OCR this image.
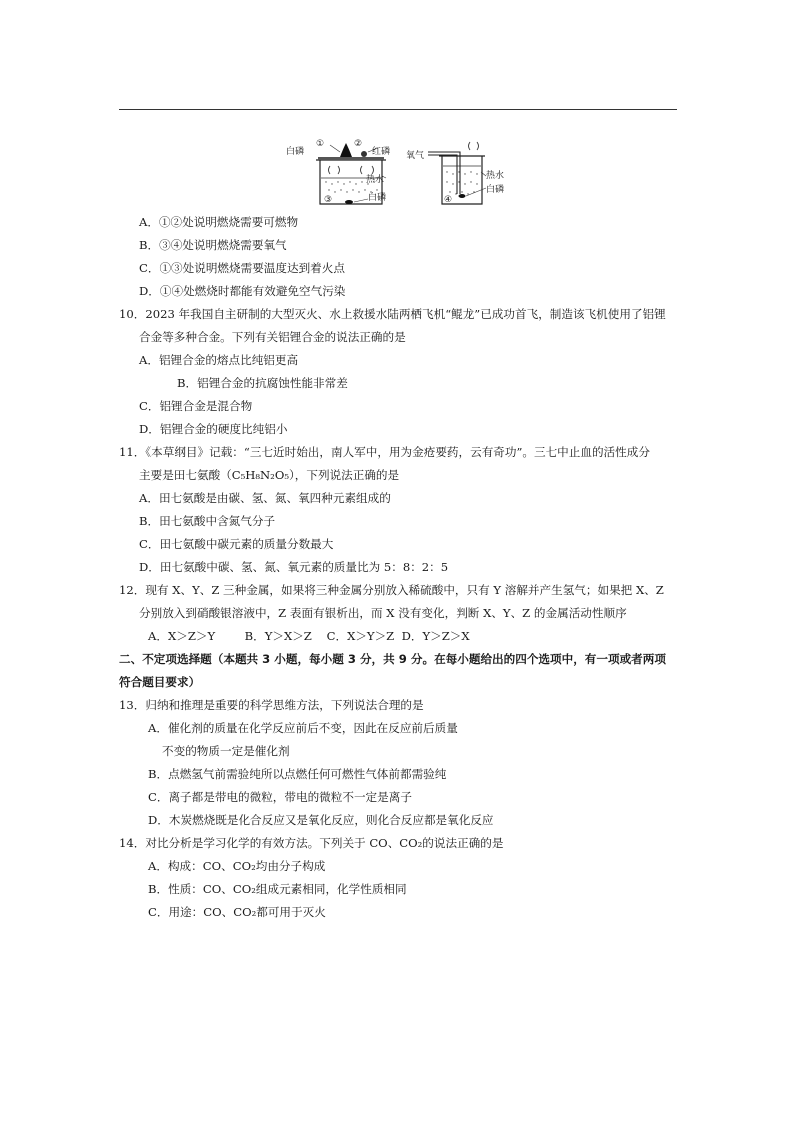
白磷
①	②
红磷
热水
③	白磷
氧气
热水
白磷
④
A．①②处说明燃烧需要可燃物
B．③④处说明燃烧需要氧气
C．①③处说明燃烧需要温度达到着火点
D．①④处燃烧时都能有效避免空气污染
10．2023 年我国自主研制的大型灭火、水上救援水陆两栖飞机“鲲龙”已成功首飞，制造该飞机使用了铝锂
合金等多种合金。下列有关铝锂合金的说法正确的是
A．铝锂合金的熔点比纯铝更高
B．铝锂合金的抗腐蚀性能非常差
C．铝锂合金是混合物
D．铝锂合金的硬度比纯铝小
11．《本草纲目》记载：“三七近时始出，南人军中，用为金疮要药，云有奇功”。三七中止血的活性成分
主要是田七氨酸（C₅H₈N₂O₅），下列说法正确的是
A．田七氨酸是由碳、氢、氮、氧四种元素组成的
B．田七氨酸中含氮气分子
C．田七氨酸中碳元素的质量分数最大
D．田七氨酸中碳、氢、氮、氧元素的质量比为 5：8：2：5
12．现有 X、Y、Z 三种金属，如果将三种金属分别放入稀硫酸中，只有 Y 溶解并产生氢气；如果把 X、Z
分别放入到硝酸银溶液中，Z 表面有银析出，而 X 没有变化，判断 X、Y、Z 的金属活动性顺序
A．X＞Z＞Y        B．Y＞X＞Z    C．X＞Y＞Z  D．Y＞Z＞X
二、不定项选择题（本题共 3 小题，每小题 3 分，共 9 分。在每小题给出的四个选项中，有一项或者两项
符合题目要求）
13．归纳和推理是重要的科学思维方法，下列说法合理的是
A．催化剂的质量在化学反应前后不变，因此在反应前后质量
不变的物质一定是催化剂
B．点燃氢气前需验纯所以点燃任何可燃性气体前都需验纯
C．离子都是带电的微粒，带电的微粒不一定是离子
D．木炭燃烧既是化合反应又是氧化反应，则化合反应都是氧化反应
14．对比分析是学习化学的有效方法。下列关于 CO、CO₂的说法正确的是
A．构成：CO、CO₂均由分子构成
B．性质：CO、CO₂组成元素相同，化学性质相同
C．用途：CO、CO₂都可用于灭火
